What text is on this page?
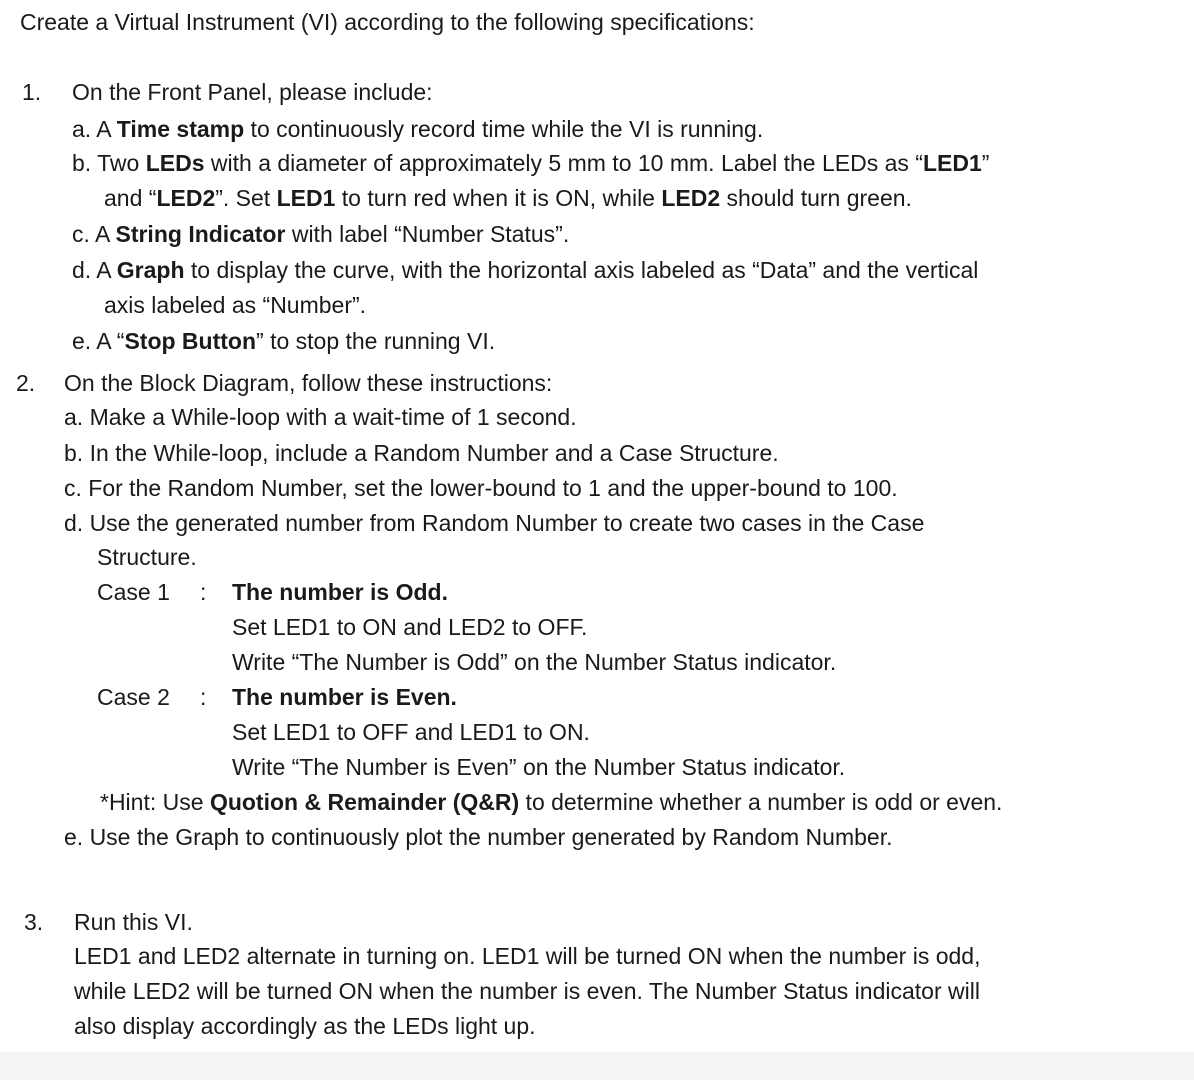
Create a Virtual Instrument (VI) according to the following specifications:
1. On the Front Panel, please include:
a. A Time stamp to continuously record time while the VI is running.
b. Two LEDs with a diameter of approximately 5 mm to 10 mm. Label the LEDs as “LED1”
and “LED2”. Set LED1 to turn red when it is ON, while LED2 should turn green.
c. A String Indicator with label “Number Status”.
d. A Graph to display the curve, with the horizontal axis labeled as “Data” and the vertical
axis labeled as “Number”.
e. A “Stop Button” to stop the running VI.
2. On the Block Diagram, follow these instructions:
a. Make a While-loop with a wait-time of 1 second.
b. In the While-loop, include a Random Number and a Case Structure.
c. For the Random Number, set the lower-bound to 1 and the upper-bound to 100.
d. Use the generated number from Random Number to create two cases in the Case
Structure.
Case 1 : The number is Odd.
Set LED1 to ON and LED2 to OFF.
Write “The Number is Odd” on the Number Status indicator.
Case 2 : The number is Even.
Set LED1 to OFF and LED1 to ON.
Write “The Number is Even” on the Number Status indicator.
*Hint: Use Quotion & Remainder (Q&R) to determine whether a number is odd or even.
e. Use the Graph to continuously plot the number generated by Random Number.
3. Run this VI.
LED1 and LED2 alternate in turning on. LED1 will be turned ON when the number is odd,
while LED2 will be turned ON when the number is even. The Number Status indicator will
also display accordingly as the LEDs light up.
